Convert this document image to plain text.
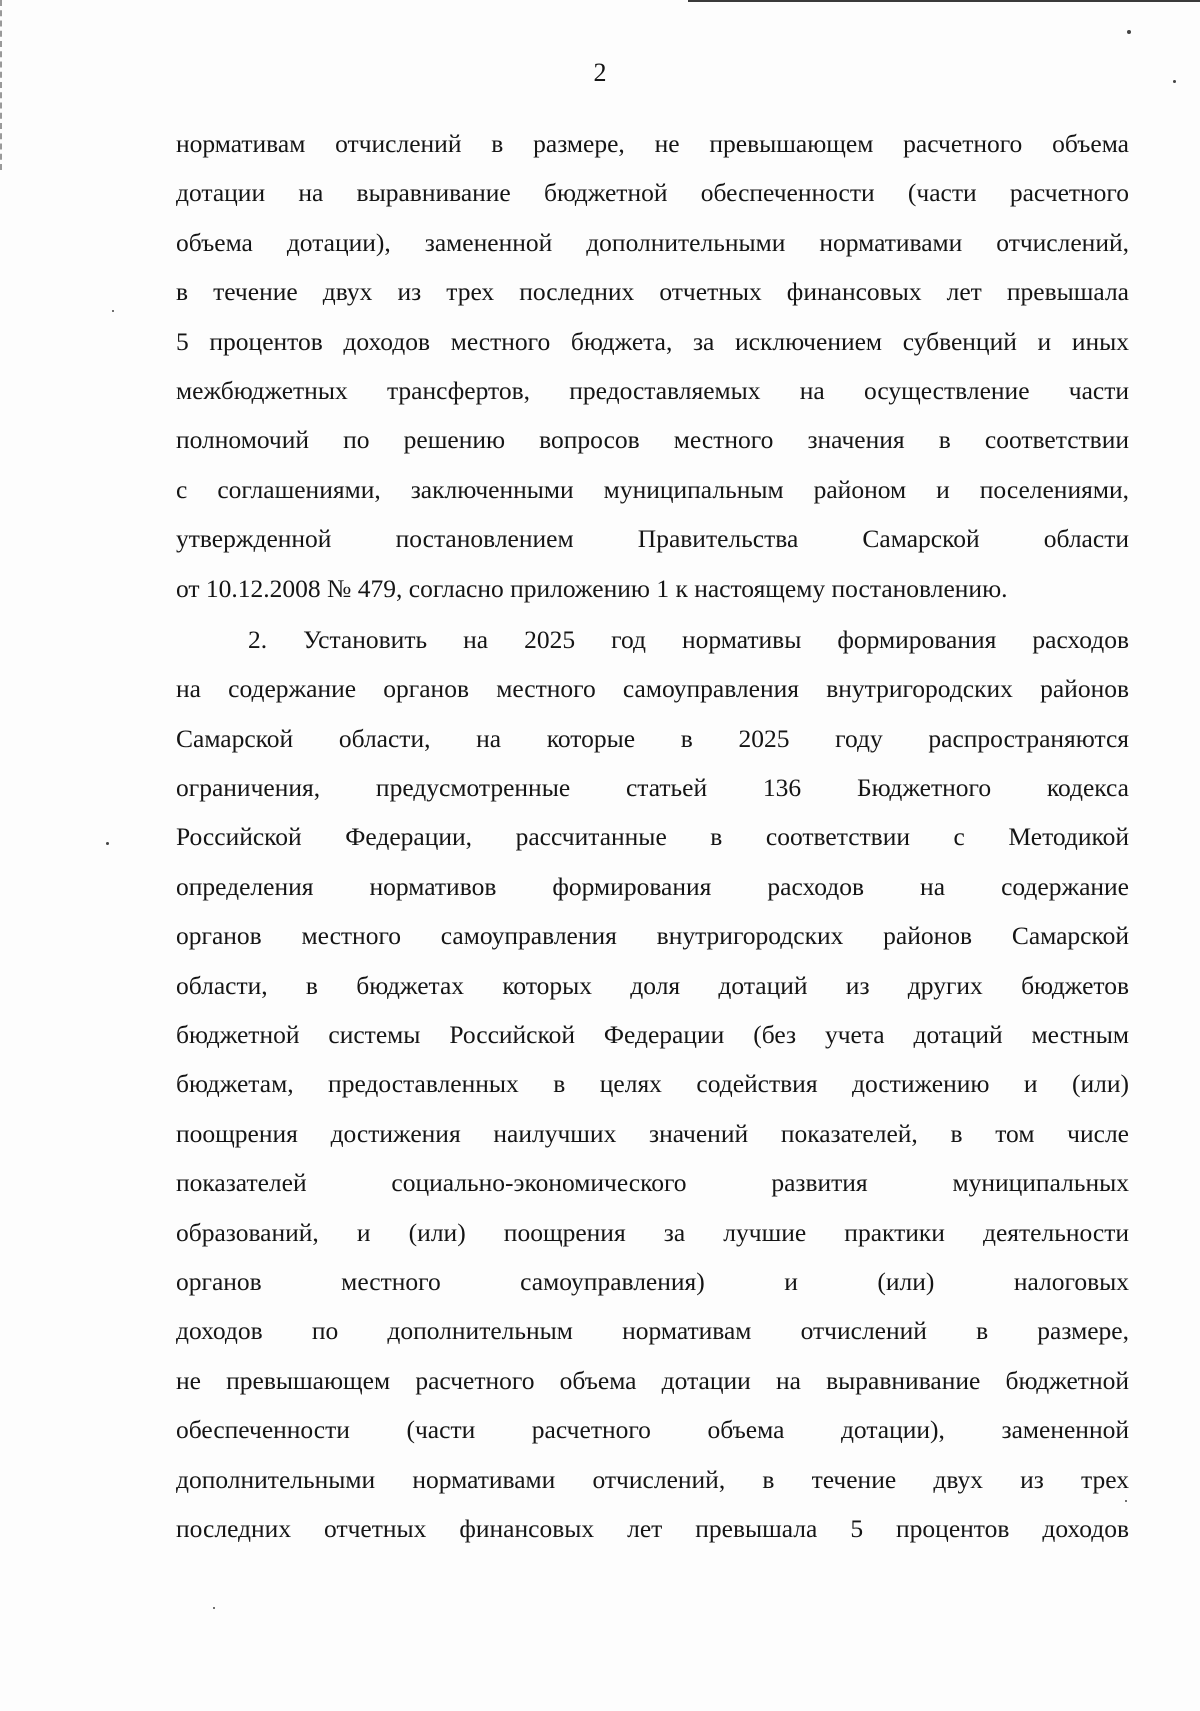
2
нормативам отчислений в размере, не превышающем расчетного объема
дотации на выравнивание бюджетной обеспеченности (части расчетного
объема дотации), замененной дополнительными нормативами отчислений,
в течение двух из трех последних отчетных финансовых лет превышала
5 процентов доходов местного бюджета, за исключением субвенций и иных
межбюджетных трансфертов, предоставляемых на осуществление части
полномочий по решению вопросов местного значения в соответствии
с соглашениями, заключенными муниципальным районом и поселениями,
утвержденной постановлением Правительства Самарской области
от 10.12.2008 № 479, согласно приложению 1 к настоящему постановлению.
2. Установить на 2025 год нормативы формирования расходов
на содержание органов местного самоуправления внутригородских районов
Самарской области, на которые в 2025 году распространяются
ограничения, предусмотренные статьей 136 Бюджетного кодекса
Российской Федерации, рассчитанные в соответствии с Методикой
определения нормативов формирования расходов на содержание
органов местного самоуправления внутригородских районов Самарской
области, в бюджетах которых доля дотаций из других бюджетов
бюджетной системы Российской Федерации (без учета дотаций местным
бюджетам, предоставленных в целях содействия достижению и (или)
поощрения достижения наилучших значений показателей, в том числе
показателей социально-экономического развития муниципальных
образований, и (или) поощрения за лучшие практики деятельности
органов местного самоуправления) и (или) налоговых
доходов по дополнительным нормативам отчислений в размере,
не превышающем расчетного объема дотации на выравнивание бюджетной
обеспеченности (части расчетного объема дотации), замененной
дополнительными нормативами отчислений, в течение двух из трех
последних отчетных финансовых лет превышала 5 процентов доходов
